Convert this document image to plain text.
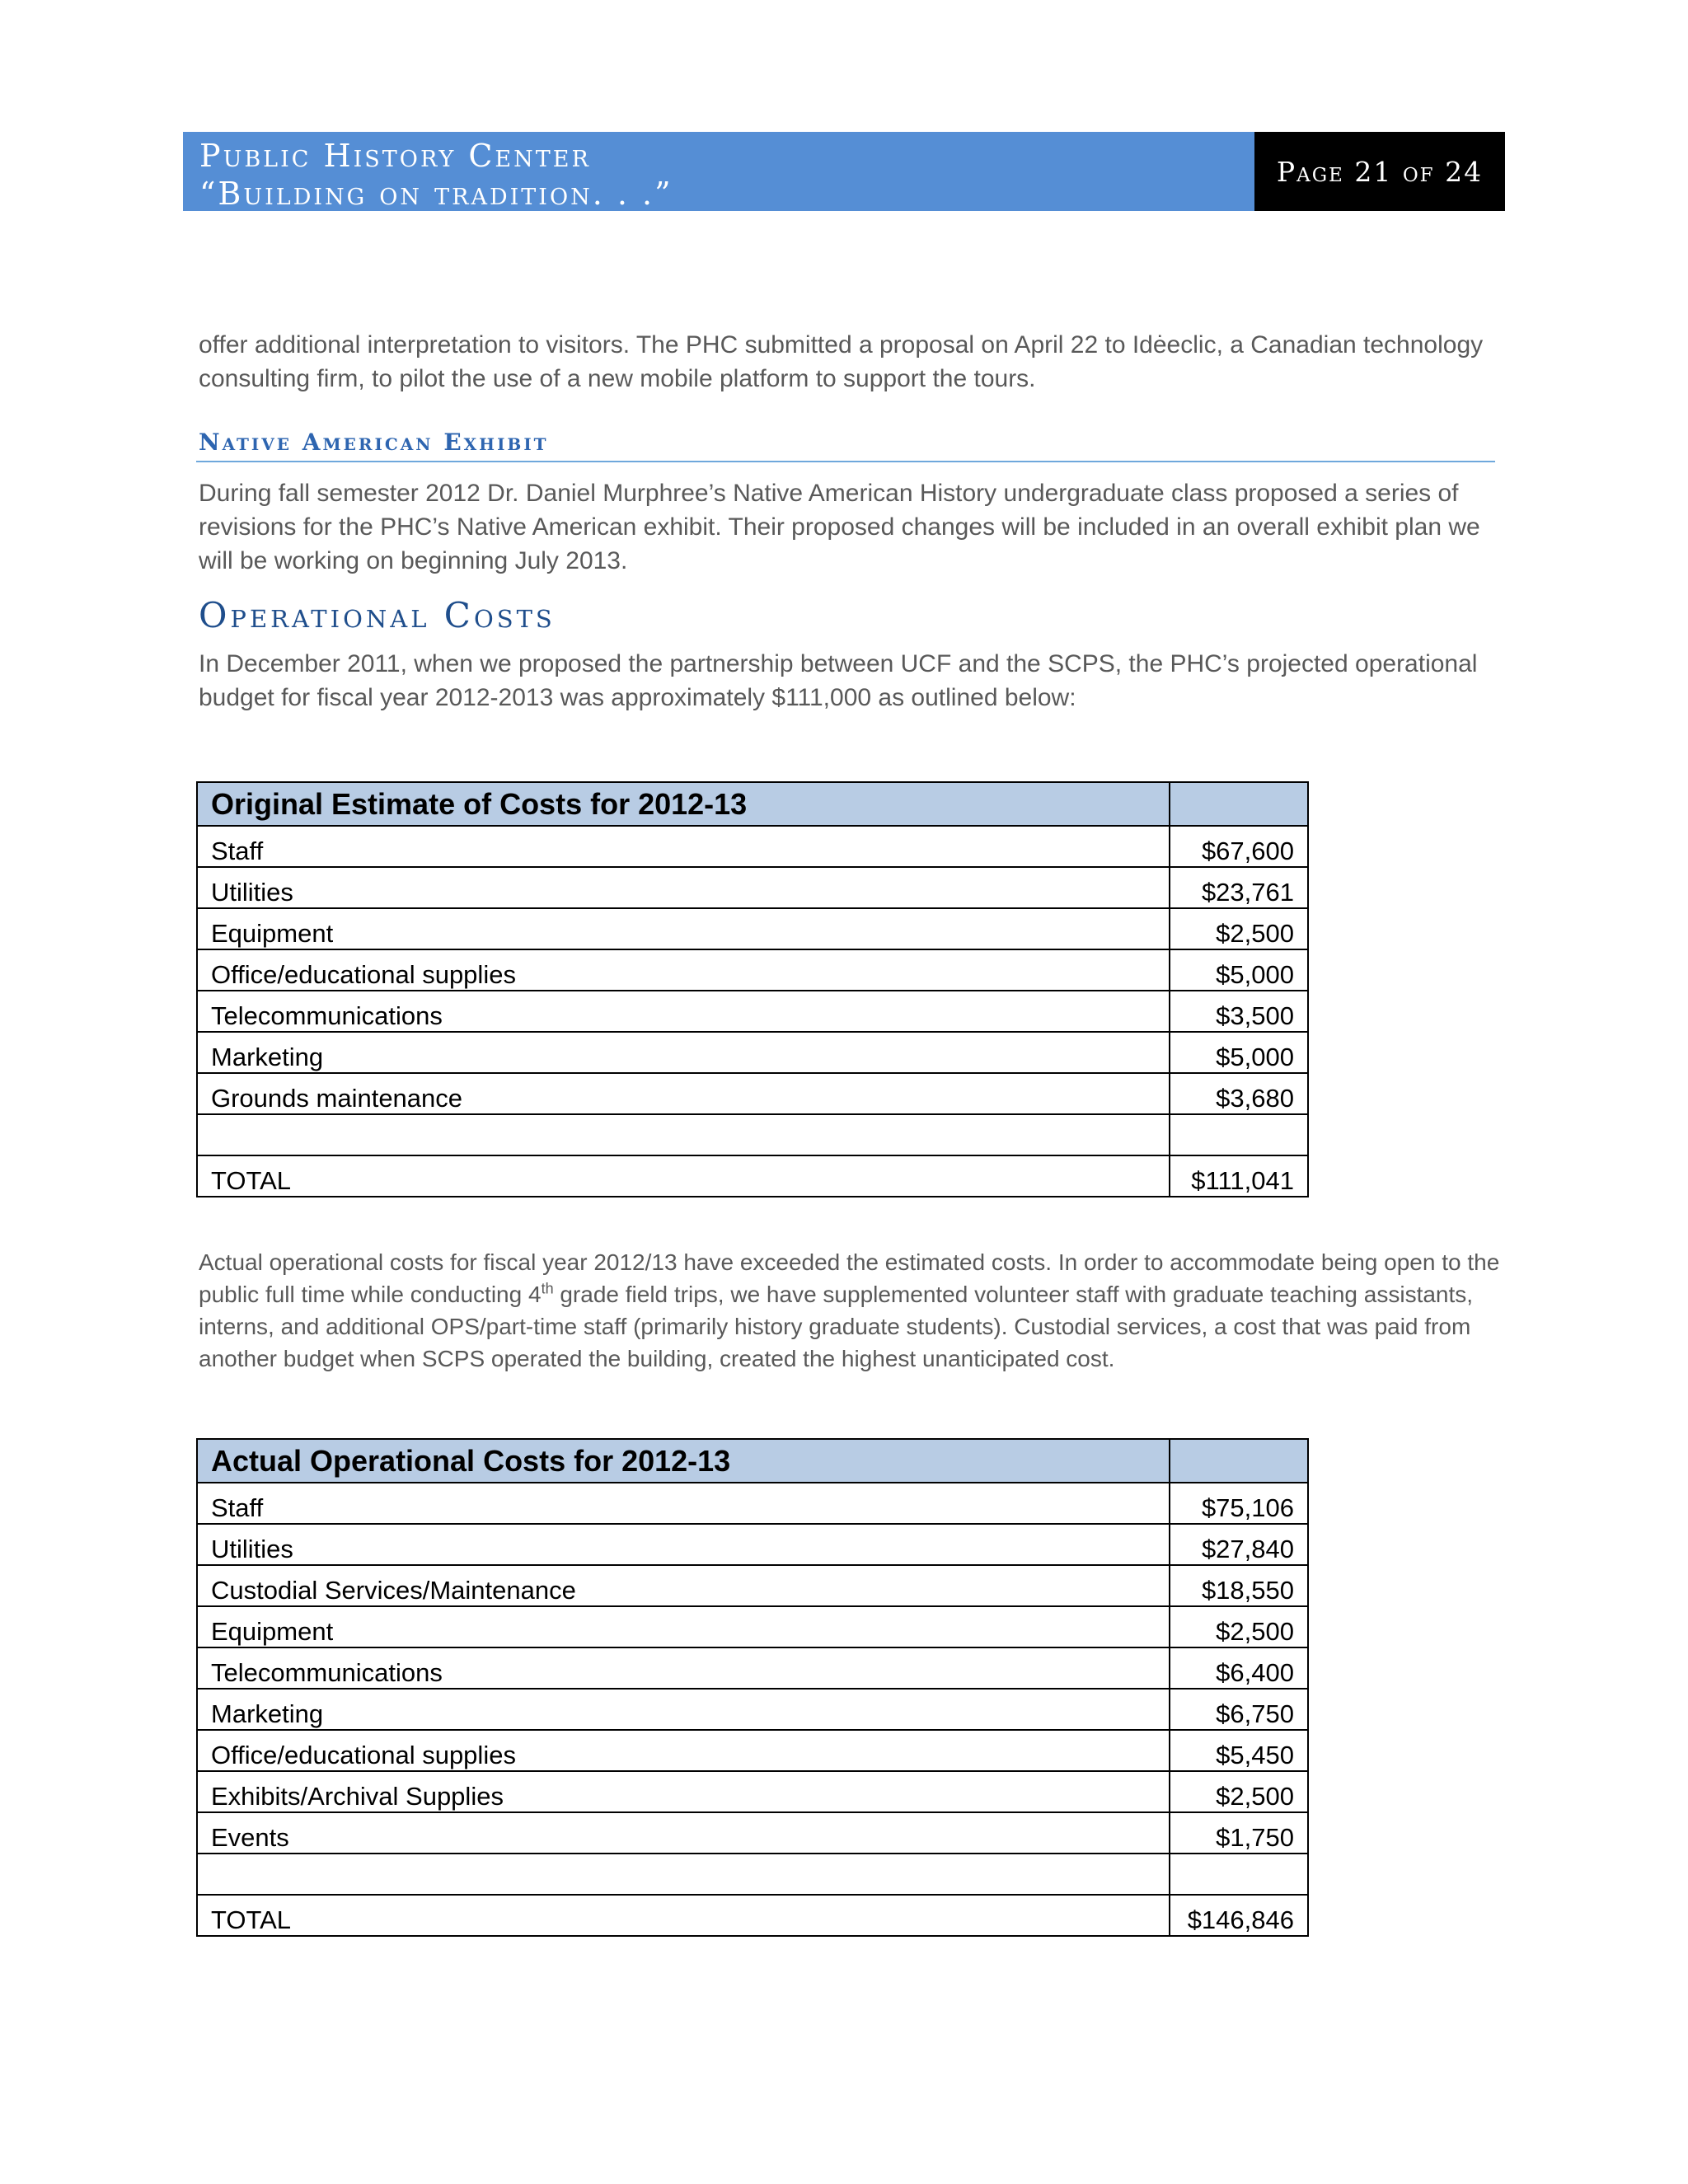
Public History Center
“Building on tradition. . .”
Page 21 of 24

offer additional interpretation to visitors. The PHC submitted a proposal on April 22 to Idėeclic, a Canadian technology consulting firm, to pilot the use of a new mobile platform to support the tours.

Native American Exhibit

During fall semester 2012 Dr. Daniel Murphree’s Native American History undergraduate class proposed a series of revisions for the PHC’s Native American exhibit. Their proposed changes will be included in an overall exhibit plan we will be working on beginning July 2013.

Operational Costs

In December 2011, when we proposed the partnership between UCF and the SCPS, the PHC’s projected operational budget for fiscal year 2012-2013 was approximately $111,000 as outlined below:

Original Estimate of Costs for 2012-13	
Staff	$67,600
Utilities	$23,761
Equipment	$2,500
Office/educational supplies	$5,000
Telecommunications	$3,500
Marketing	$5,000
Grounds maintenance	$3,680

TOTAL	$111,041

Actual operational costs for fiscal year 2012/13 have exceeded the estimated costs. In order to accommodate being open to the public full time while conducting 4th grade field trips, we have supplemented volunteer staff with graduate teaching assistants, interns, and additional OPS/part-time staff (primarily history graduate students). Custodial services, a cost that was paid from another budget when SCPS operated the building, created the highest unanticipated cost.

Actual Operational Costs for 2012-13	
Staff	$75,106
Utilities	$27,840
Custodial Services/Maintenance	$18,550
Equipment	$2,500
Telecommunications	$6,400
Marketing	$6,750
Office/educational supplies	$5,450
Exhibits/Archival Supplies	$2,500
Events	$1,750

TOTAL	$146,846
